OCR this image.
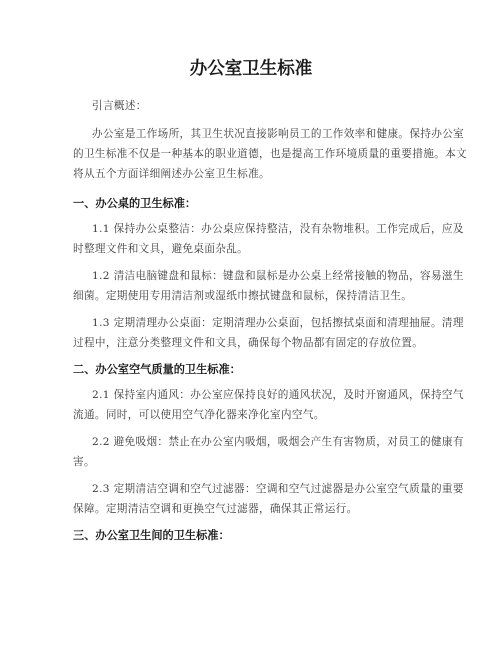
办公室卫生标准
引言概述：
办公室是工作场所，其卫生状况直接影响员工的工作效率和健康。保持办公室
的卫生标准不仅是一种基本的职业道德，也是提高工作环境质量的重要措施。本文
将从五个方面详细阐述办公室卫生标准。
一、办公桌的卫生标准：
1.1 保持办公桌整洁：办公桌应保持整洁，没有杂物堆积。工作完成后，应及
时整理文件和文具，避免桌面杂乱。
1.2 清洁电脑键盘和鼠标：键盘和鼠标是办公桌上经常接触的物品，容易滋生
细菌。定期使用专用清洁剂或湿纸巾擦拭键盘和鼠标，保持清洁卫生。
1.3 定期清理办公桌面：定期清理办公桌面，包括擦拭桌面和清理抽屉。清理
过程中，注意分类整理文件和文具，确保每个物品都有固定的存放位置。
二、办公室空气质量的卫生标准：
2.1 保持室内通风：办公室应保持良好的通风状况，及时开窗通风，保持空气
流通。同时，可以使用空气净化器来净化室内空气。
2.2 避免吸烟：禁止在办公室内吸烟，吸烟会产生有害物质，对员工的健康有
害。
2.3 定期清洁空调和空气过滤器：空调和空气过滤器是办公室空气质量的重要
保障。定期清洁空调和更换空气过滤器，确保其正常运行。
三、办公室卫生间的卫生标准：
